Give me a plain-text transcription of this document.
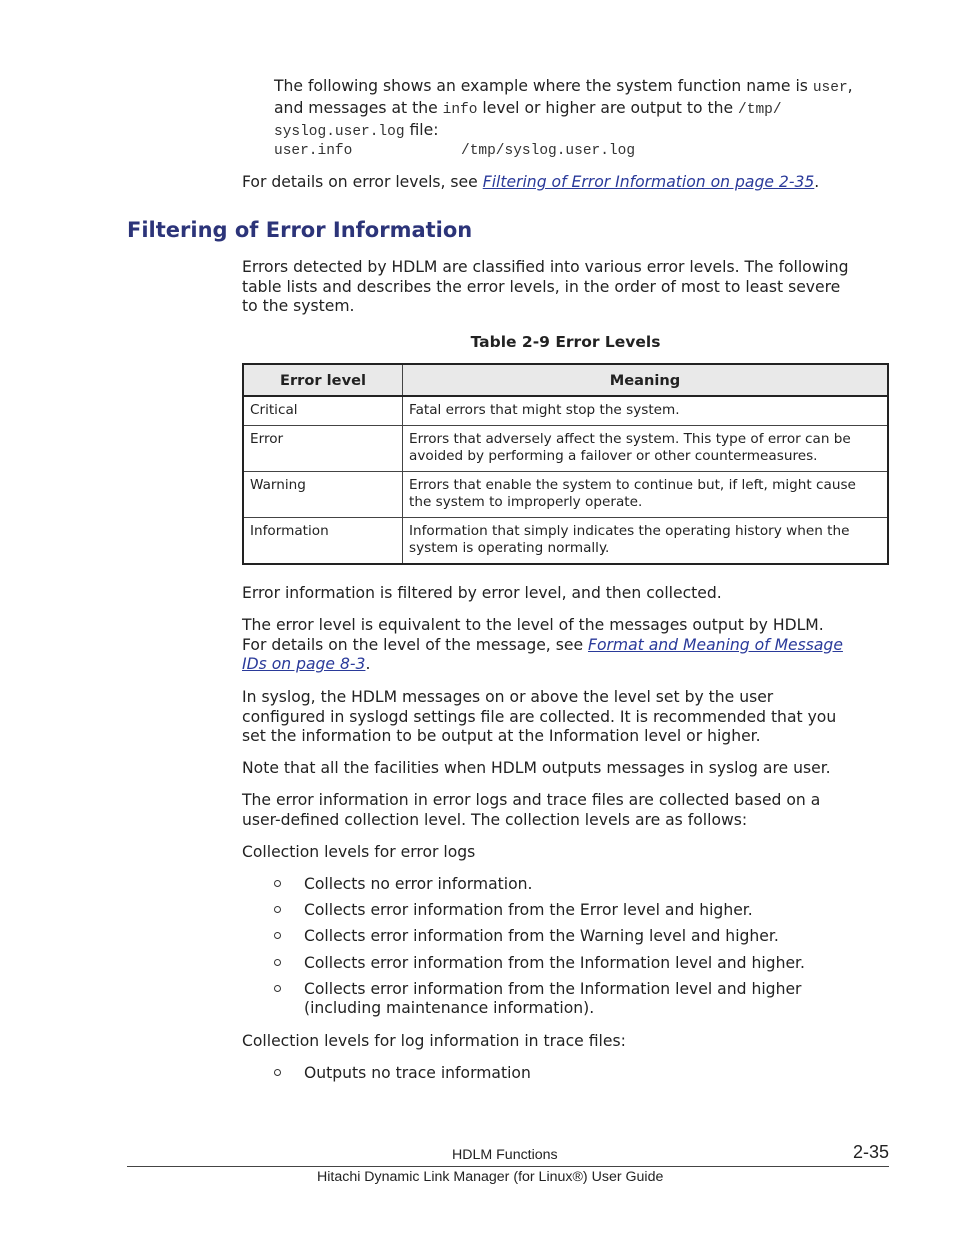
The following shows an example where the system function name is user,
and messages at the info level or higher are output to the /tmp/
syslog.user.log file:
user.info	/tmp/syslog.user.log
For details on error levels, see Filtering of Error Information on page 2-35.
Filtering of Error Information
Errors detected by HDLM are classified into various error levels. The following
table lists and describes the error levels, in the order of most to least severe
to the system.
Table 2-9 Error Levels
Error level	Meaning
Critical	Fatal errors that might stop the system.

Error	Errors that adversely affect the system. This type of error can be
avoided by performing a failover or other countermeasures.

Warning	Errors that enable the system to continue but, if left, might cause
the system to improperly operate.

Information	Information that simply indicates the operating history when the
system is operating normally.
Error information is filtered by error level, and then collected.
The error level is equivalent to the level of the messages output by HDLM.
For details on the level of the message, see Format and Meaning of Message
IDs on page 8-3.
In syslog, the HDLM messages on or above the level set by the user
configured in syslogd settings file are collected. It is recommended that you
set the information to be output at the Information level or higher.
Note that all the facilities when HDLM outputs messages in syslog are user.
The error information in error logs and trace files are collected based on a
user-defined collection level. The collection levels are as follows:
Collection levels for error logs
Collects no error information.
Collects error information from the Error level and higher.
Collects error information from the Warning level and higher.
Collects error information from the Information level and higher.
Collects error information from the Information level and higher
(including maintenance information).
Collection levels for log information in trace files:
Outputs no trace information
HDLM Functions	2-35
Hitachi Dynamic Link Manager (for Linux®) User Guide
